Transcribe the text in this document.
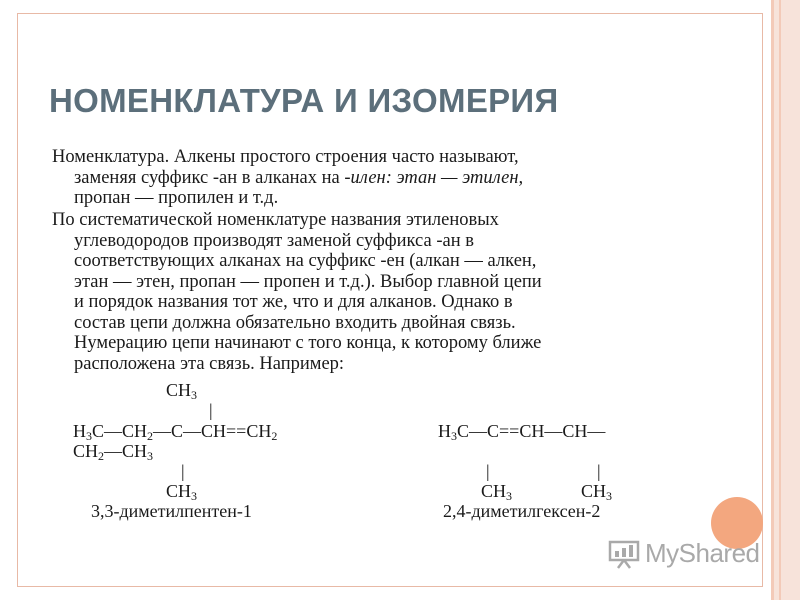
НОМЕНКЛАТУРА И ИЗОМЕРИЯ
Номенклатура. Алкены простого строения часто называют,
заменяя суффикс -ан в алканах на -илен: этан — этилен,
пропан — пропилен и т.д.
По систематической номенклатуре названия этиленовых
углеводородов производят заменой суффикса -ан в
соответствующих алканах на суффикс -ен (алкан — алкен,
этан — этен, пропан — пропен и т.д.). Выбор главной цепи
и порядок названия тот же, что и для алканов. Однако в
состав цепи должна обязательно входить двойная связь.
Нумерацию цепи начинают с того конца, к которому ближе
расположена эта связь. Например:
$CH_3$
|
$H_3C—CH_2—C—CH==CH_2$
$CH_2—CH_3$
|
$CH_3$
3,3-диметилпентен-1
$H_3C—C==CH—CH—$
|	|
$CH_3$	$CH_3$
2,4-диметилгексен-2
MyShared
